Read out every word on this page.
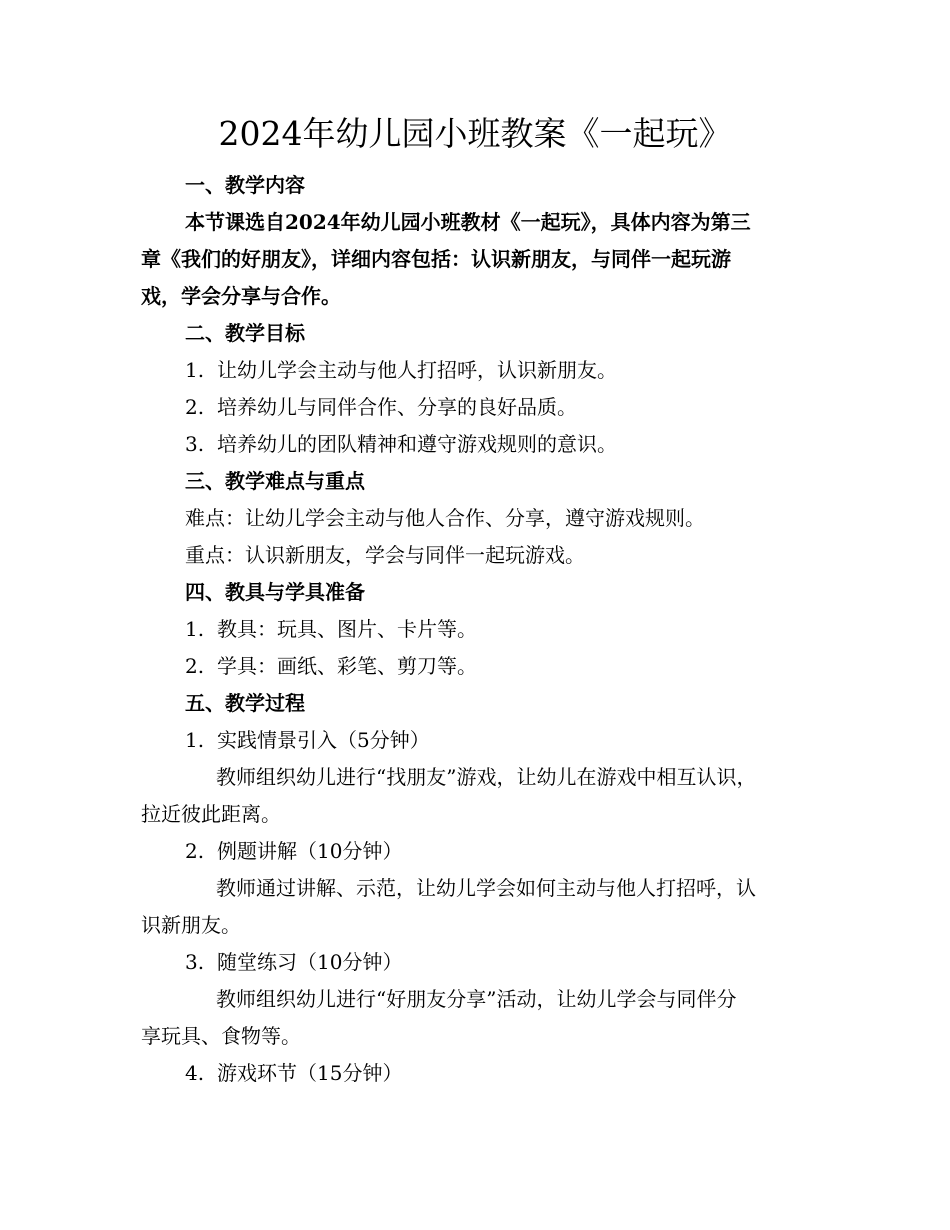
2024年幼儿园小班教案《一起玩》
一、教学内容
本节课选自2024年幼儿园小班教材《一起玩》，具体内容为第三
章《我们的好朋友》，详细内容包括：认识新朋友，与同伴一起玩游
戏，学会分享与合作。
二、教学目标
1. 让幼儿学会主动与他人打招呼，认识新朋友。
2. 培养幼儿与同伴合作、分享的良好品质。
3. 培养幼儿的团队精神和遵守游戏规则的意识。
三、教学难点与重点
难点：让幼儿学会主动与他人合作、分享，遵守游戏规则。
重点：认识新朋友，学会与同伴一起玩游戏。
四、教具与学具准备
1. 教具：玩具、图片、卡片等。
2. 学具：画纸、彩笔、剪刀等。
五、教学过程
1. 实践情景引入（5分钟）
教师组织幼儿进行“找朋友”游戏，让幼儿在游戏中相互认识，
拉近彼此距离。
2. 例题讲解（10分钟）
教师通过讲解、示范，让幼儿学会如何主动与他人打招呼，认
识新朋友。
3. 随堂练习（10分钟）
教师组织幼儿进行“好朋友分享”活动，让幼儿学会与同伴分
享玩具、食物等。
4. 游戏环节（15分钟）
